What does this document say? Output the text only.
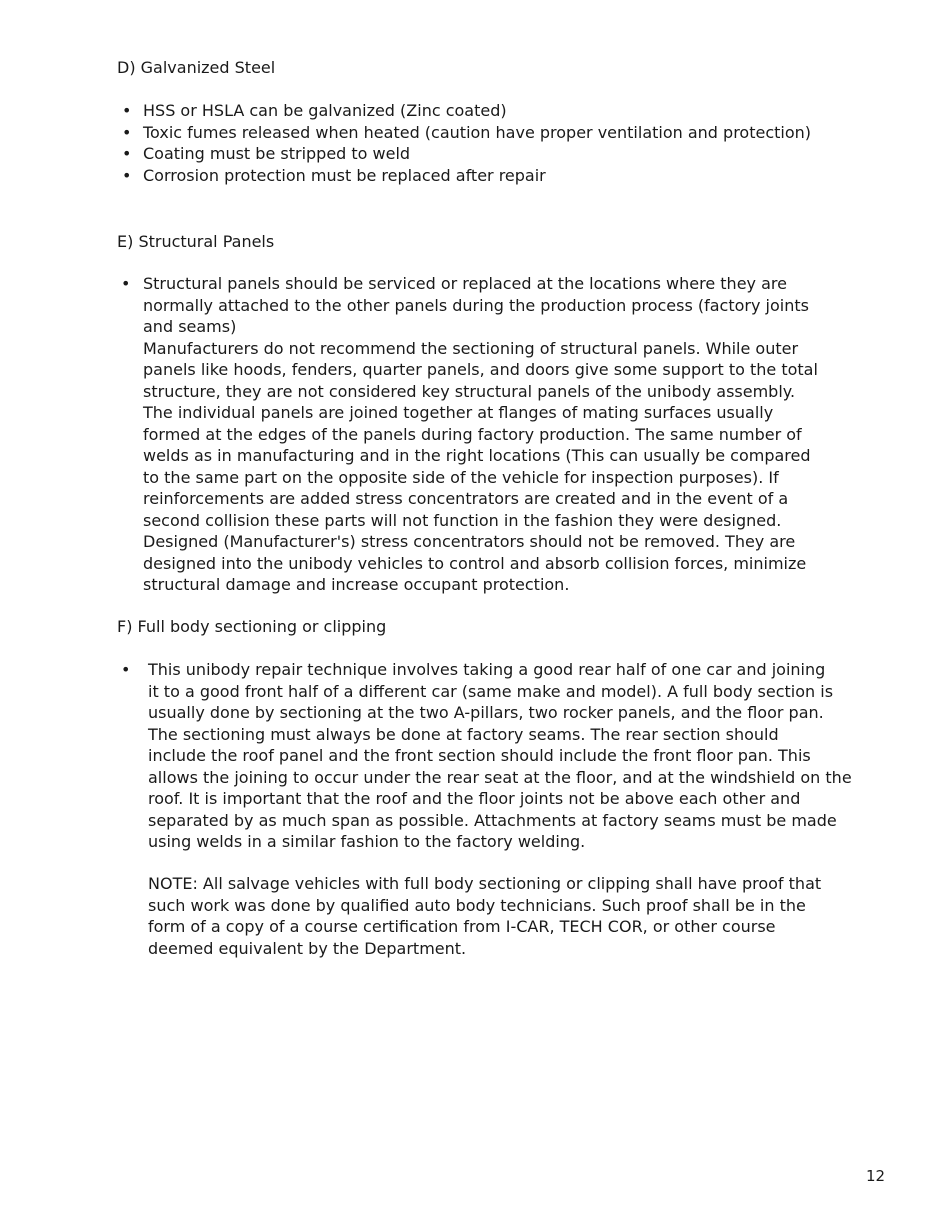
D) Galvanized Steel
• HSS or HSLA can be galvanized (Zinc coated)
• Toxic fumes released when heated (caution have proper ventilation and protection)
• Coating must be stripped to weld
• Corrosion protection must be replaced after repair
E) Structural Panels
• Structural panels should be serviced or replaced at the locations where they are
normally attached to the other panels during the production process (factory joints
and seams)
Manufacturers do not recommend the sectioning of structural panels. While outer
panels like hoods, fenders, quarter panels, and doors give some support to the total
structure, they are not considered key structural panels of the unibody assembly.
The individual panels are joined together at flanges of mating surfaces usually
formed at the edges of the panels during factory production. The same number of
welds as in manufacturing and in the right locations (This can usually be compared
to the same part on the opposite side of the vehicle for inspection purposes). If
reinforcements are added stress concentrators are created and in the event of a
second collision these parts will not function in the fashion they were designed.
Designed (Manufacturer's) stress concentrators should not be removed. They are
designed into the unibody vehicles to control and absorb collision forces, minimize
structural damage and increase occupant protection.
F) Full body sectioning or clipping
• This unibody repair technique involves taking a good rear half of one car and joining
it to a good front half of a different car (same make and model). A full body section is
usually done by sectioning at the two A-pillars, two rocker panels, and the floor pan.
The sectioning must always be done at factory seams. The rear section should
include the roof panel and the front section should include the front floor pan. This
allows the joining to occur under the rear seat at the floor, and at the windshield on the
roof. It is important that the roof and the floor joints not be above each other and
separated by as much span as possible. Attachments at factory seams must be made
using welds in a similar fashion to the factory welding.
NOTE: All salvage vehicles with full body sectioning or clipping shall have proof that
such work was done by qualified auto body technicians. Such proof shall be in the
form of a copy of a course certification from I-CAR, TECH COR, or other course
deemed equivalent by the Department.
12
